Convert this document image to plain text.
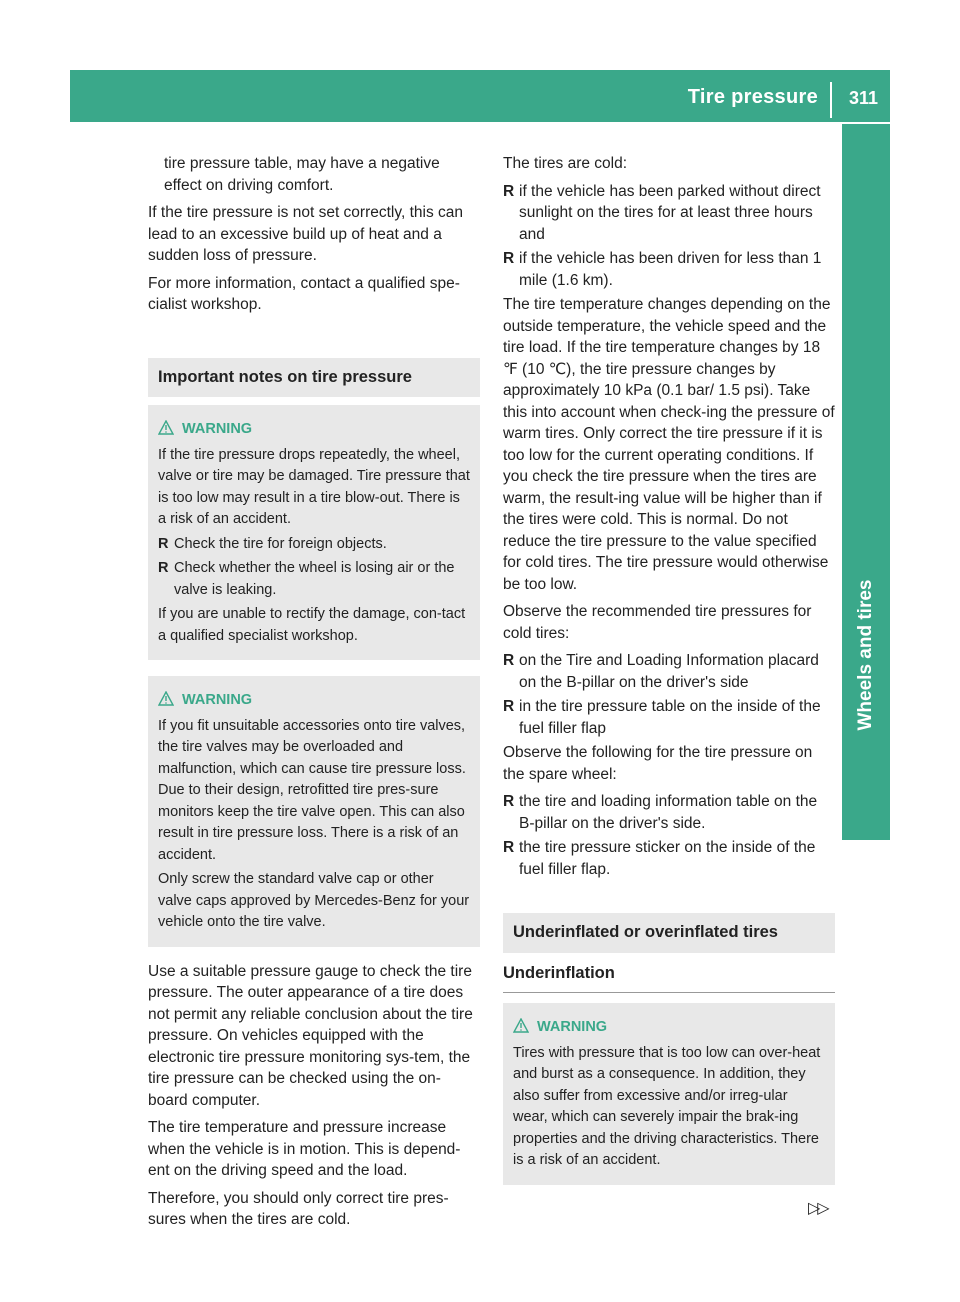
Tire pressure 311
Wheels and tires

tire pressure table, may have a negative effect on driving comfort.

If the tire pressure is not set correctly, this can lead to an excessive build up of heat and a sudden loss of pressure.

For more information, contact a qualified spe-cialist workshop.

Important notes on tire pressure
WARNING

If the tire pressure drops repeatedly, the wheel, valve or tire may be damaged. Tire pressure that is too low may result in a tire blow-out. There is a risk of an accident.

R Check the tire for foreign objects.
R Check whether the wheel is losing air or the valve is leaking.

If you are unable to rectify the damage, con-tact a qualified specialist workshop.

WARNING

If you fit unsuitable accessories onto tire valves, the tire valves may be overloaded and malfunction, which can cause tire pressure loss. Due to their design, retrofitted tire pres-sure monitors keep the tire valve open. This can also result in tire pressure loss. There is a risk of an accident.

Only screw the standard valve cap or other valve caps approved by Mercedes-Benz for your vehicle onto the tire valve.

Use a suitable pressure gauge to check the tire pressure. The outer appearance of a tire does not permit any reliable conclusion about the tire pressure. On vehicles equipped with the electronic tire pressure monitoring sys-tem, the tire pressure can be checked using the on-board computer.

The tire temperature and pressure increase when the vehicle is in motion. This is depend-ent on the driving speed and the load.

Therefore, you should only correct tire pres-sures when the tires are cold.

The tires are cold:

R if the vehicle has been parked without direct sunlight on the tires for at least three hours and
R if the vehicle has been driven for less than 1 mile (1.6 km).

The tire temperature changes depending on the outside temperature, the vehicle speed and the tire load. If the tire temperature changes by 18 ℉ (10 ℃), the tire pressure changes by approximately 10 kPa (0.1 bar/ 1.5 psi). Take this into account when check-ing the pressure of warm tires. Only correct the tire pressure if it is too low for the current operating conditions. If you check the tire pressure when the tires are warm, the result-ing value will be higher than if the tires were cold. This is normal. Do not reduce the tire pressure to the value specified for cold tires. The tire pressure would otherwise be too low.

Observe the recommended tire pressures for cold tires:

R on the Tire and Loading Information placard on the B-pillar on the driver's side
R in the tire pressure table on the inside of the fuel filler flap

Observe the following for the tire pressure on the spare wheel:

R the tire and loading information table on the B-pillar on the driver's side.
R the tire pressure sticker on the inside of the fuel filler flap.
Underinflated or overinflated tires
Underinflation
WARNING

Tires with pressure that is too low can over-heat and burst as a consequence. In addition, they also suffer from excessive and/or irreg-ular wear, which can severely impair the brak-ing properties and the driving characteristics. There is a risk of an accident.

▷▷
